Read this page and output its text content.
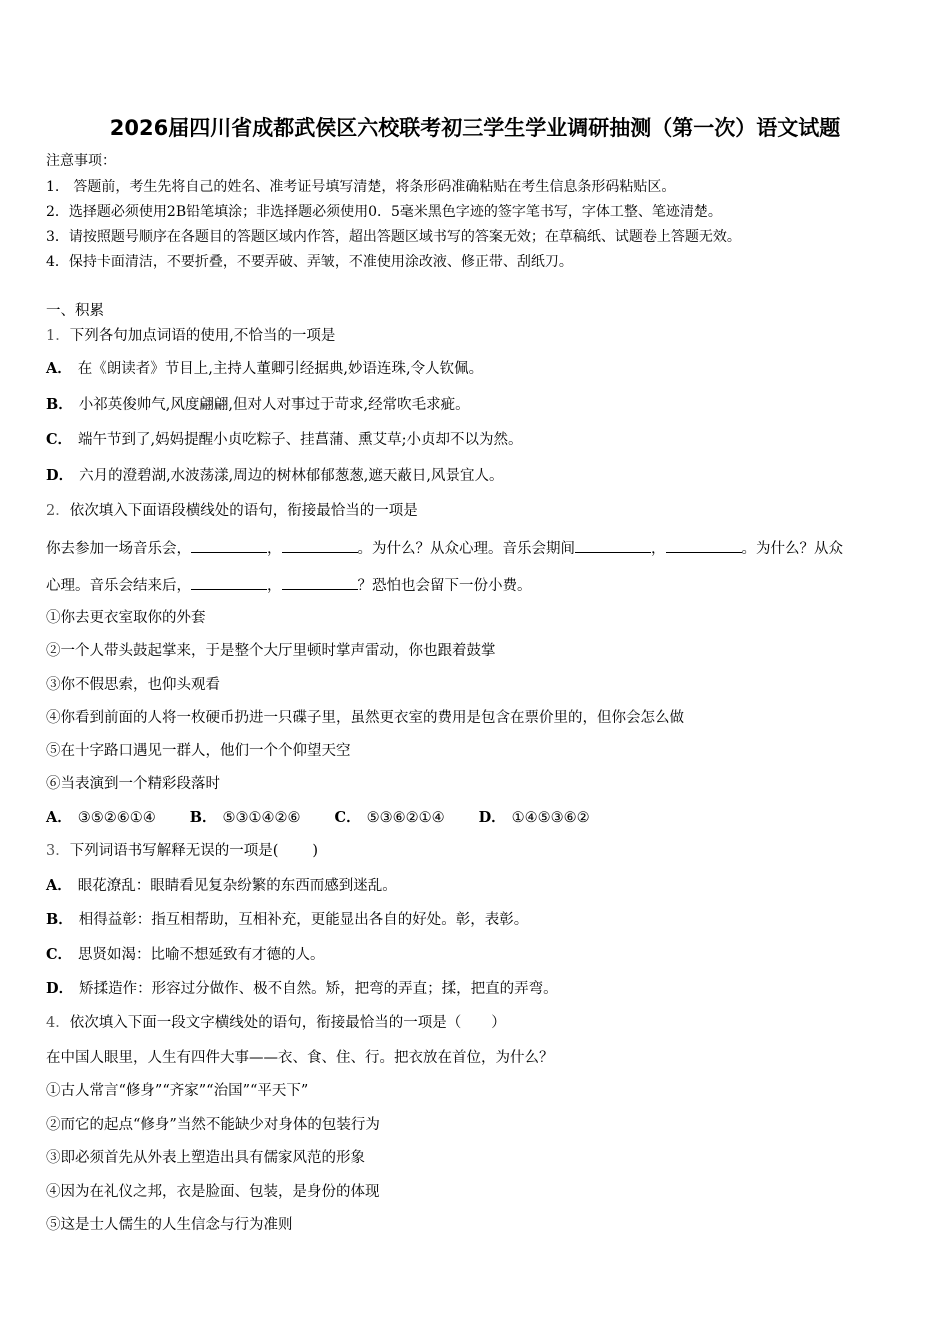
2026届四川省成都武侯区六校联考初三学生学业调研抽测（第一次）语文试题
注意事项：
1.　答题前，考生先将自己的姓名、准考证号填写清楚，将条形码准确粘贴在考生信息条形码粘贴区。
2．选择题必须使用2B铅笔填涂；非选择题必须使用0．5毫米黑色字迹的签字笔书写，字体工整、笔迹清楚。
3．请按照题号顺序在各题目的答题区域内作答，超出答题区域书写的答案无效；在草稿纸、试题卷上答题无效。
4．保持卡面清洁，不要折叠，不要弄破、弄皱，不准使用涂改液、修正带、刮纸刀。
一、积累
1．下列各句加点词语的使用,不恰当的一项是
A． 在《朗读者》节目上,主持人董卿引经据典,妙语连珠,令人钦佩。
B． 小祁英俊帅气,风度翩翩,但对人对事过于苛求,经常吹毛求疵。
C． 端午节到了,妈妈提醒小贞吃粽子、挂菖蒲、熏艾草;小贞却不以为然。
D． 六月的澄碧湖,水波荡漾,周边的树林郁郁葱葱,遮天蔽日,风景宜人。
2．依次填入下面语段横线处的语句，衔接最恰当的一项是
你去参加一场音乐会，	，	。为什么？从众心理。音乐会期间	，	。为什么？从众
心理。音乐会结来后，	，	？恐怕也会留下一份小费。
①你去更衣室取你的外套
②一个人带头鼓起掌来，于是整个大厅里顿时掌声雷动，你也跟着鼓掌
③你不假思索，也仰头观看
④你看到前面的人将一枚硬币扔进一只碟子里，虽然更衣室的费用是包含在票价里的，但你会怎么做
⑤在十字路口遇见一群人，他们一个个仰望天空
⑥当表演到一个精彩段落时
A． ③⑤②⑥①④ B． ⑤③①④②⑥ C． ⑤③⑥②①④ D． ①④⑤③⑥②
3．下列词语书写解释无误的一项是( )
A． 眼花潦乱：眼睛看见复杂纷繁的东西而感到迷乱。
B． 相得益彰：指互相帮助，互相补充，更能显出各自的好处。彰，表彰。
C． 思贤如渴：比喻不想延致有才德的人。
D． 矫揉造作：形容过分做作、极不自然。矫，把弯的弄直；揉，把直的弄弯。
4．依次填入下面一段文字横线处的语句，衔接最恰当的一项是（ ）
在中国人眼里，人生有四件大事——衣、食、住、行。把衣放在首位，为什么？
①古人常言“修身”“齐家”“治国”“平天下”
②而它的起点“修身”当然不能缺少对身体的包装行为
③即必须首先从外表上塑造出具有儒家风范的形象
④因为在礼仪之邦，衣是脸面、包装，是身份的体现
⑤这是士人儒生的人生信念与行为准则
